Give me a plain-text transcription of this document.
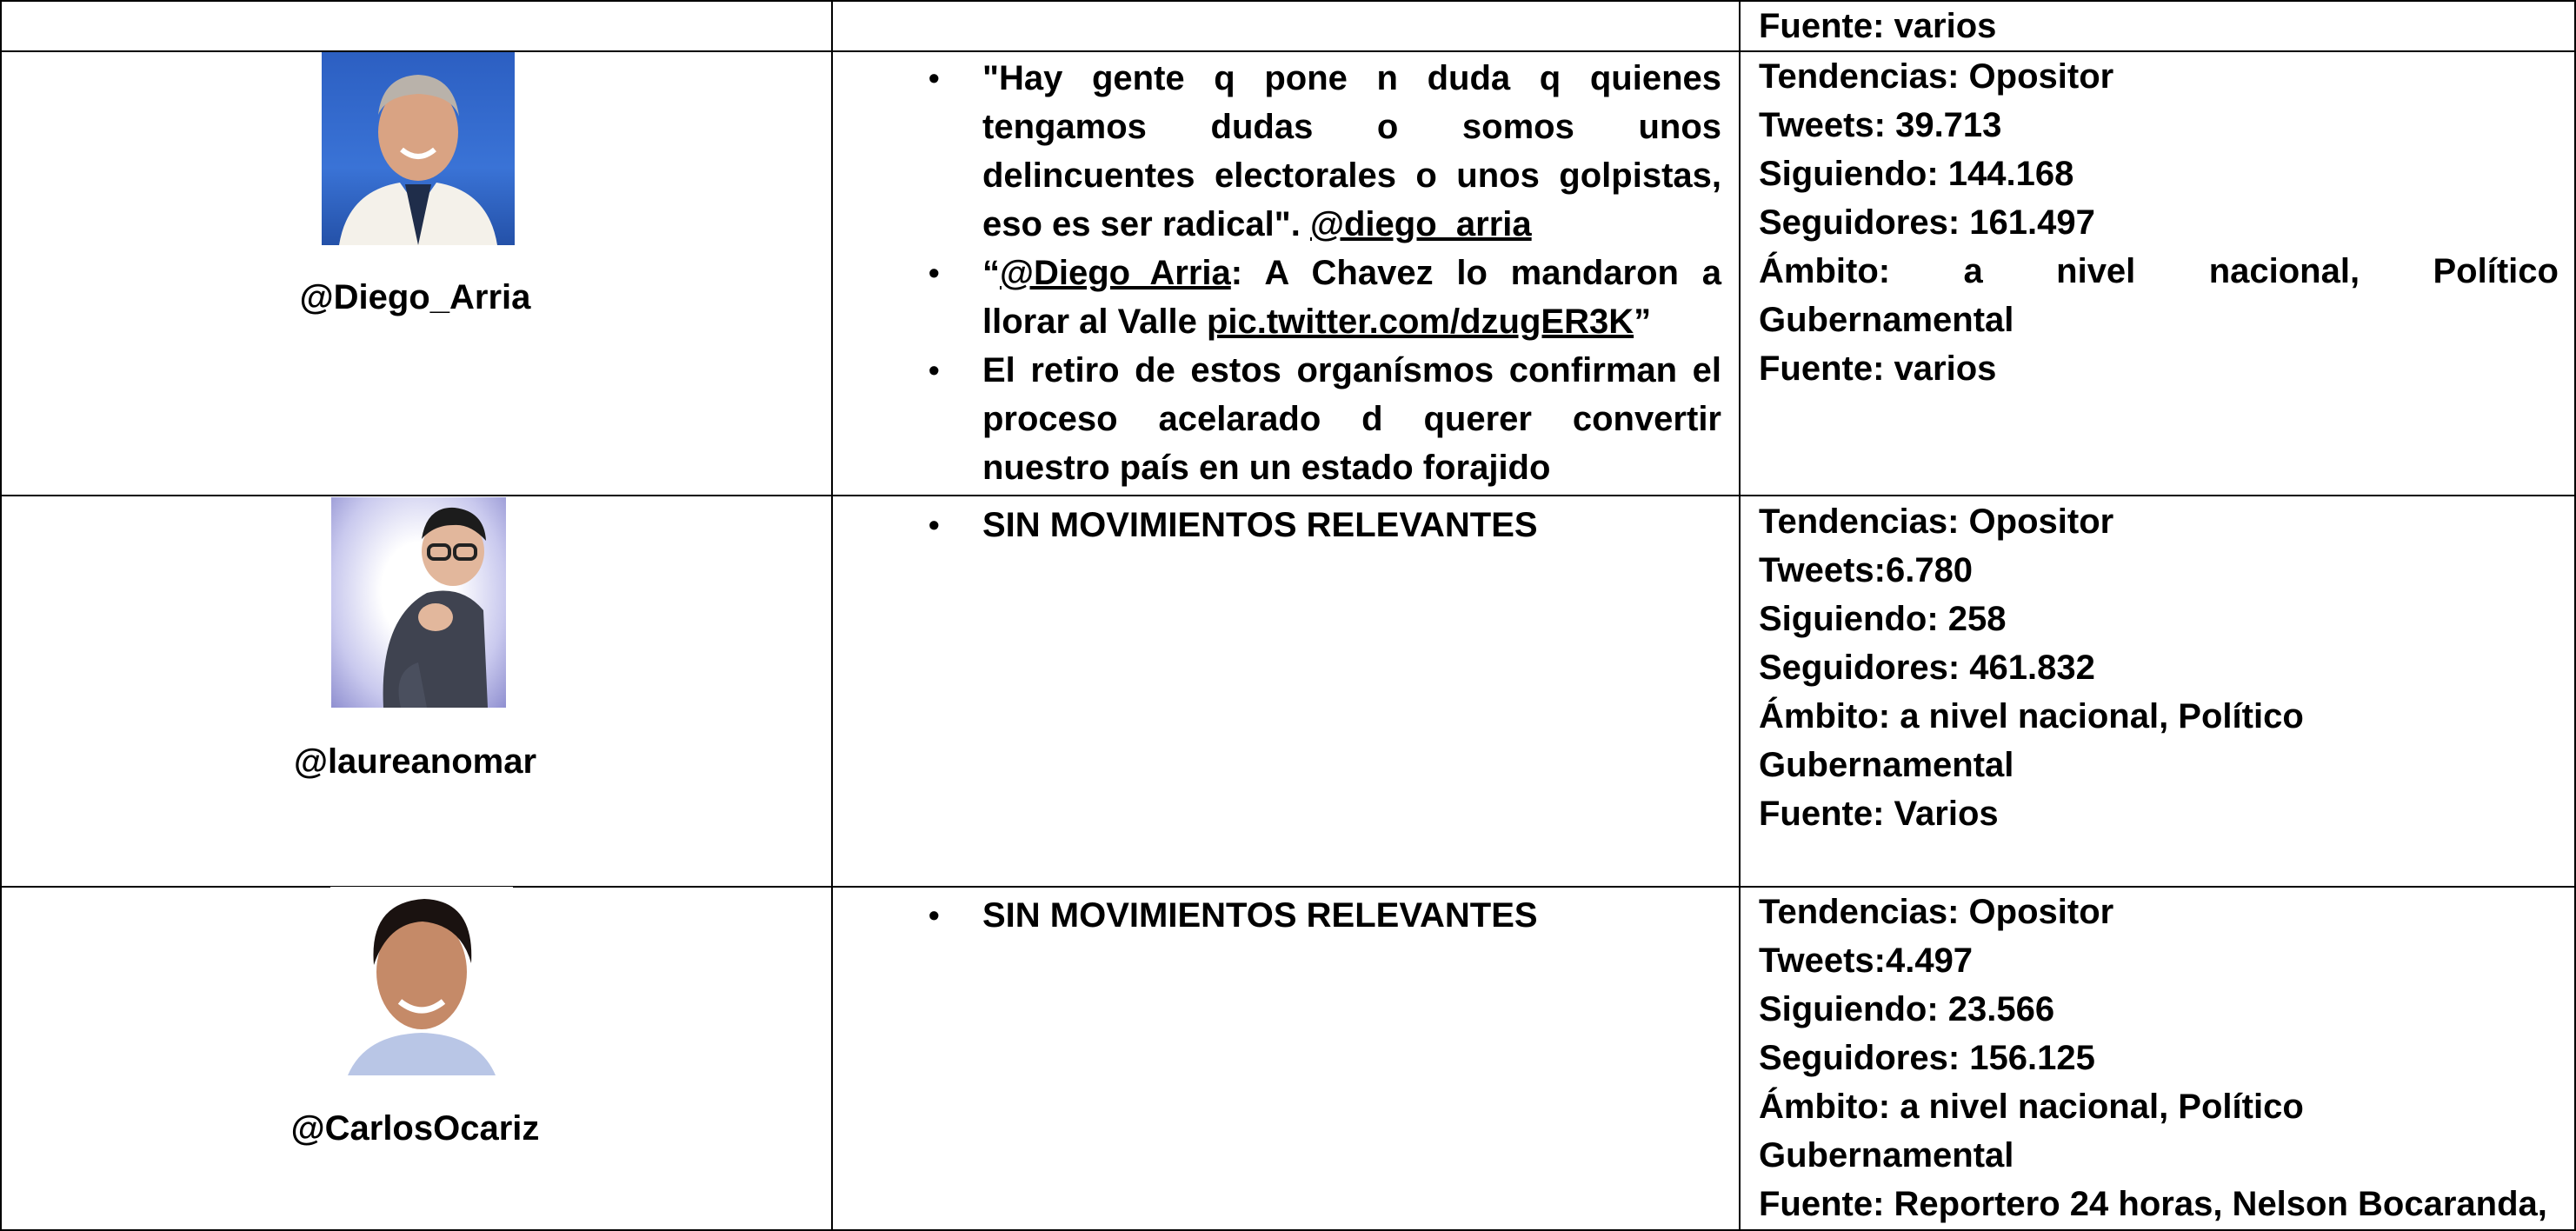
Fuente: varios
@Diego_Arria
• "Hay gente q pone n duda q quienes tengamos dudas o somos unos delincuentes electorales o unos golpistas, eso es ser radical". @diego_arria
• “@Diego_Arria: A Chavez lo mandaron a llorar al Valle pic.twitter.com/dzugER3K”
• El retiro de estos organísmos confirman el proceso acelarado d querer convertir nuestro país en un estado forajido
Tendencias: Opositor
Tweets: 39.713
Siguiendo: 144.168
Seguidores: 161.497
Ámbito: a nivel nacional, Político
Gubernamental
Fuente: varios
@laureanomar
• SIN MOVIMIENTOS RELEVANTES	Tendencias: Opositor
Tweets:6.780
Siguiendo: 258
Seguidores: 461.832
Ámbito: a nivel nacional, Político
Gubernamental
Fuente: Varios
@CarlosOcariz
• SIN MOVIMIENTOS RELEVANTES	Tendencias: Opositor
Tweets:4.497
Siguiendo: 23.566
Seguidores: 156.125
Ámbito: a nivel nacional, Político
Gubernamental
Fuente: Reportero 24 horas, Nelson Bocaranda,
